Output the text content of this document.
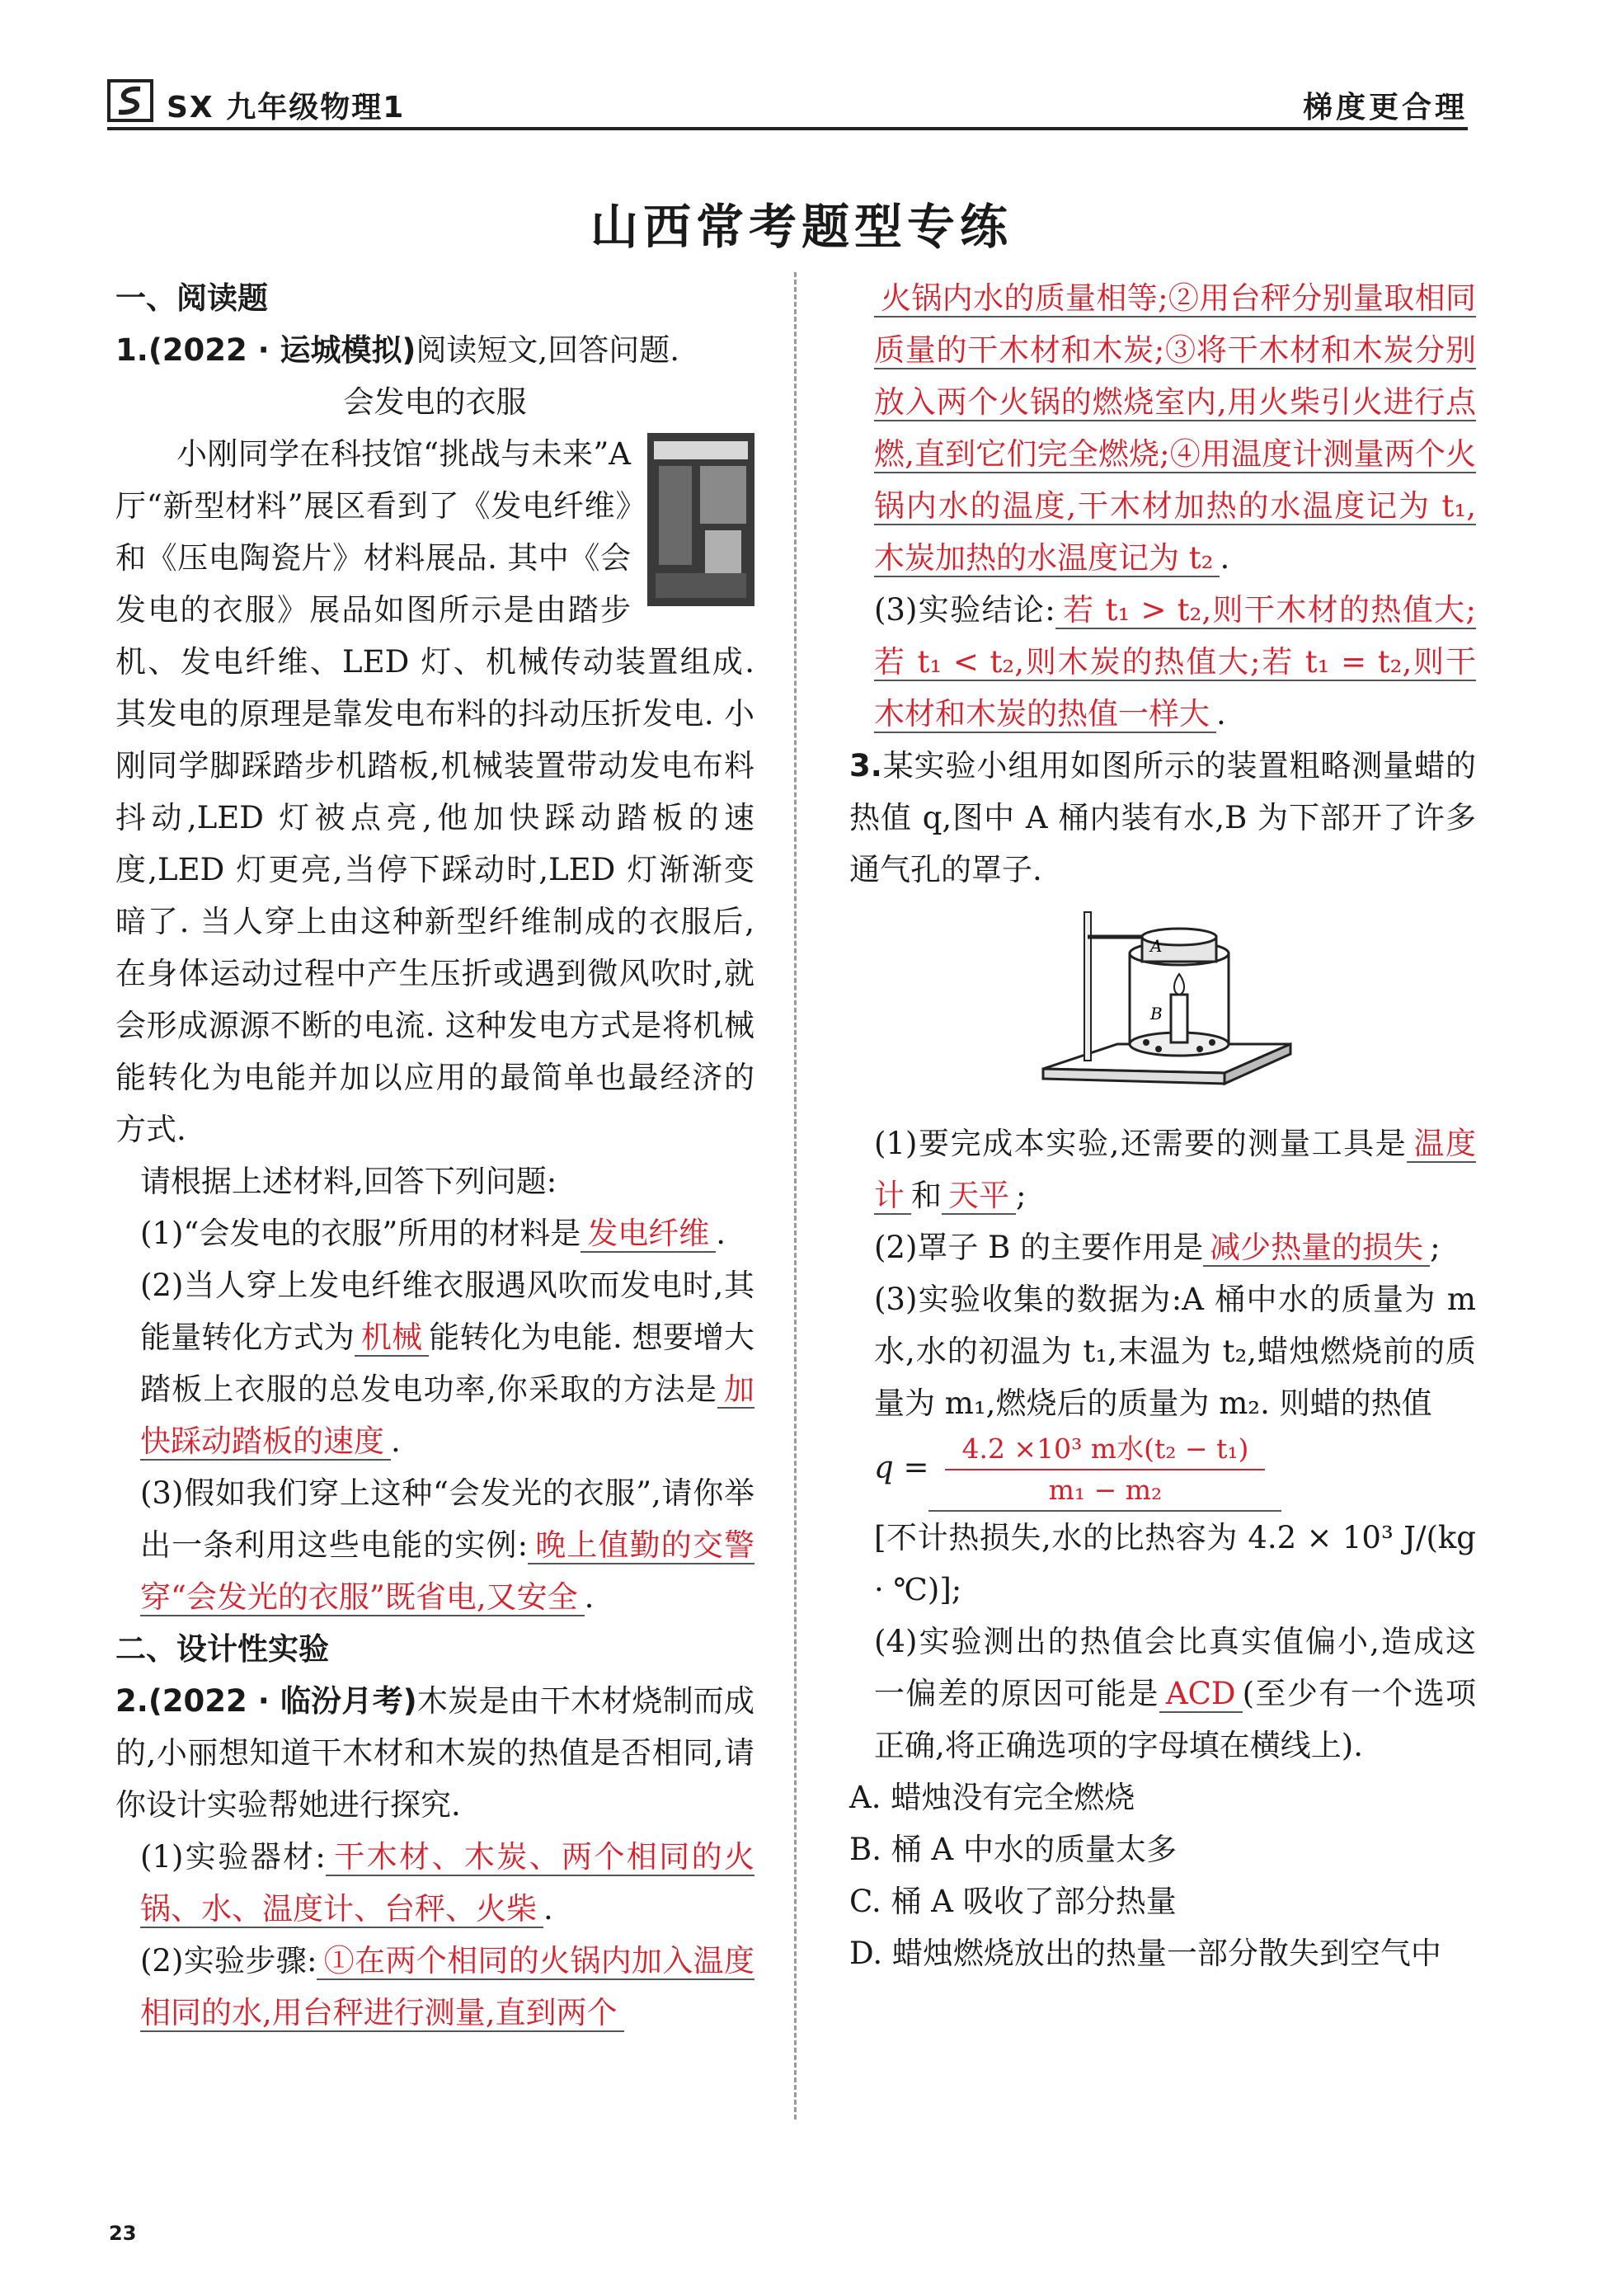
SX 九年级物理1	梯度更合理
山西常考题型专练
一、阅读题

1.(2022 · 运城模拟)阅读短文,回答问题.

会发电的衣服

小刚同学在科技馆“挑战与未来”A 厅“新型材料”展区看到了《发电纤维》和《压电陶瓷片》材料展品. 其中《会发电的衣服》展品如图所示是由踏步机、发电纤维、LED 灯、机械传动装置组成. 其发电的原理是靠发电布料的抖动压折发电. 小刚同学脚踩踏步机踏板,机械装置带动发电布料抖动,LED 灯被点亮,他加快踩动踏板的速度,LED 灯更亮,当停下踩动时,LED 灯渐渐变暗了. 当人穿上由这种新型纤维制成的衣服后,在身体运动过程中产生压折或遇到微风吹时,就会形成源源不断的电流. 这种发电方式是将机械能转化为电能并加以应用的最简单也最经济的方式.

请根据上述材料,回答下列问题:

(1)“会发电的衣服”所用的材料是 发电纤维 .

(2)当人穿上发电纤维衣服遇风吹而发电时,其能量转化方式为 机械 能转化为电能. 想要增大踏板上衣服的总发电功率,你采取的方法是 加快踩动踏板的速度 .

(3)假如我们穿上这种“会发光的衣服”,请你举出一条利用这些电能的实例: 晚上值勤的交警穿“会发光的衣服”既省电,又安全 .

二、设计性实验

2.(2022 · 临汾月考)木炭是由干木材烧制而成的,小丽想知道干木材和木炭的热值是否相同,请你设计实验帮她进行探究.

(1)实验器材: 干木材、木炭、两个相同的火锅、水、温度计、台秤、火柴 .

(2)实验步骤: ①在两个相同的火锅内加入温度相同的水,用台秤进行测量,直到两个

火锅内水的质量相等;②用台秤分别量取相同质量的干木材和木炭;③将干木材和木炭分别放入两个火锅的燃烧室内,用火柴引火进行点燃,直到它们完全燃烧;④用温度计测量两个火锅内水的温度,干木材加热的水温度记为 t₁,木炭加热的水温度记为 t₂ .

(3)实验结论: 若 t₁ > t₂,则干木材的热值大;若 t₁ < t₂,则木炭的热值大;若 t₁ = t₂,则干木材和木炭的热值一样大 .

3.某实验小组用如图所示的装置粗略测量蜡的热值 q,图中 A 桶内装有水,B 为下部开了许多通气孔的罩子.

A
B

(1)要完成本实验,还需要的测量工具是 温度计 和 天平 ;

(2)罩子 B 的主要作用是 减少热量的损失 ;

(3)实验收集的数据为:A 桶中水的质量为 m水,水的初温为 t₁,末温为 t₂,蜡烛燃烧前的质量为 m₁,燃烧后的质量为 m₂. 则蜡的热值

$q = \frac{\text{4.2 ×10³ m水(t₂ − t₁)}}{\text{m₁ − m₂}}$

[不计热损失,水的比热容为 4.2 × 10³ J/(kg · ℃)];

(4)实验测出的热值会比真实值偏小,造成这一偏差的原因可能是 ACD (至少有一个选项正确,将正确选项的字母填在横线上).

A. 蜡烛没有完全燃烧

B. 桶 A 中水的质量太多

C. 桶 A 吸收了部分热量

D. 蜡烛燃烧放出的热量一部分散失到空气中

23
